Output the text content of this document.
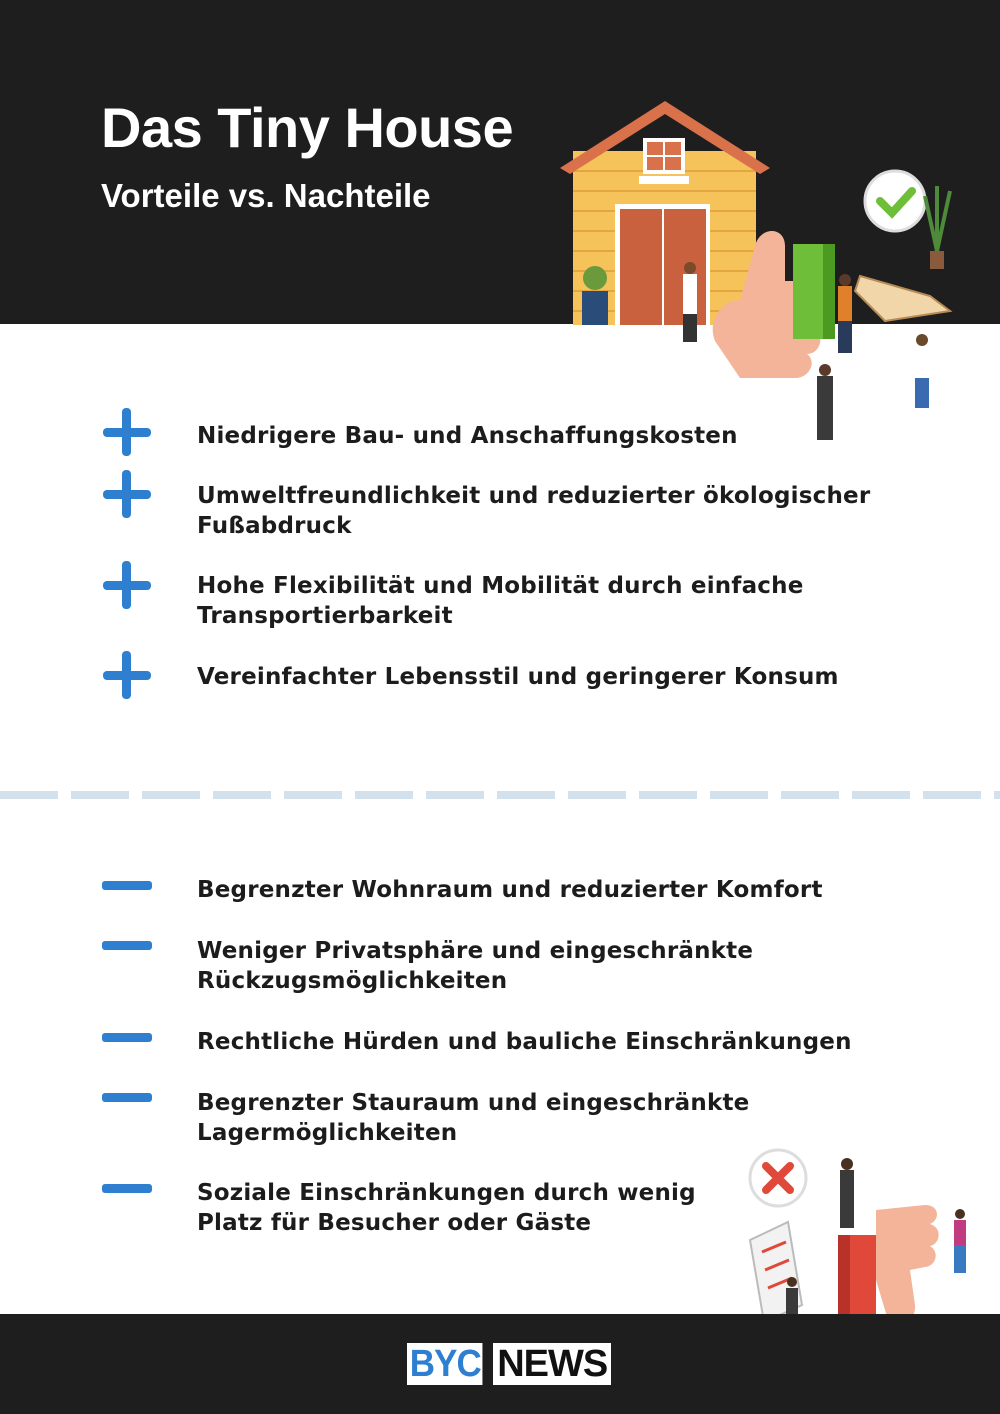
Das Tiny House
Vorteile vs. Nachteile
Niedrigere Bau- und Anschaffungskosten
Umweltfreundlichkeit und reduzierter ökologischer
Fußabdruck
Hohe Flexibilität und Mobilität durch einfache
Transportierbarkeit
Vereinfachter Lebensstil und geringerer Konsum
Begrenzter Wohnraum und reduzierter Komfort
Weniger Privatsphäre und eingeschränkte
Rückzugsmöglichkeiten
Rechtliche Hürden und bauliche Einschränkungen
Begrenzter Stauraum und eingeschränkte
Lagermöglichkeiten
Soziale Einschränkungen durch wenig
Platz für Besucher oder Gäste
BYC NEWS
